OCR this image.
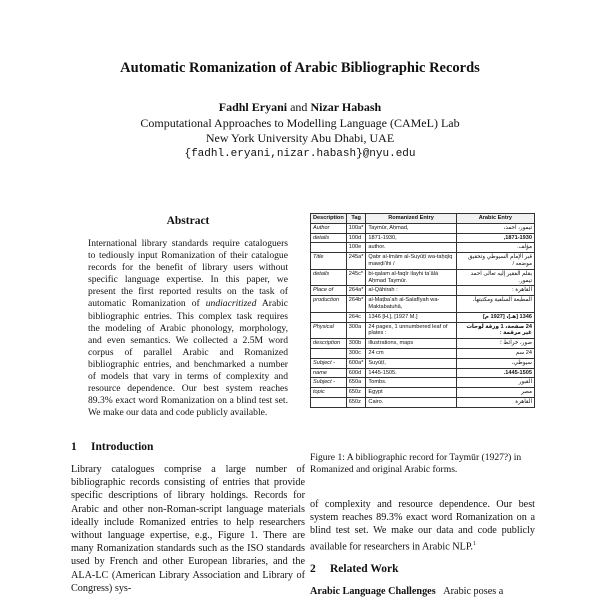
Automatic Romanization of Arabic Bibliographic Records
Fadhl Eryani and Nizar Habash
Computational Approaches to Modelling Language (CAMeL) Lab
New York University Abu Dhabi, UAE
{fadhl.eryani,nizar.habash}@nyu.edu
Abstract
International library standards require cataloguers to tediously input Romanization of their catalogue records for the benefit of library users without specific language expertise. In this paper, we present the first reported results on the task of automatic Romanization of undiacritized Arabic bibliographic entries. This complex task requires the modeling of Arabic phonology, morphology, and even semantics. We collected a 2.5M word corpus of parallel Arabic and Romanized bibliographic entries, and benchmarked a number of models that vary in terms of complexity and resource dependence. Our best system reaches 89.3% exact word Romanization on a blind test set. We make our data and code publicly available.
1 Introduction
Library catalogues comprise a large number of bibliographic records consisting of entries that provide specific descriptions of library holdings. Records for Arabic and other non-Roman-script language materials ideally include Romanized entries to help researchers without language expertise, e.g., Figure 1. There are many Romanization standards such as the ISO standards used by French and other European libraries, and the ALA-LC (American Library Association and Library of Congress) sys-
Description	Tag	Romanized Entry	Arabic Entry
Author	100a*	Taymūr, Aḥmad,	تيمور، احمد،
details	100d	1871-1930,	1871-1930,
	100e	author.	مؤلف.
Title	245a*	Qabr al-Imām al-Suyūṭī wa-taḥqīq mawḍiʻihi /	قبر الإمام السيوطي وتحقيق موضعه /
details	245c*	bi-qalam al-faqīr ilayhi taʻālá Aḥmad Taymūr.	بقلم الفقير إليه تعالى احمد تيمور.
Place of	264a*	al-Qāhirah :	القاهرة :
production	264b*	al-Maṭbaʻah al-Salafīyah wa-Maktabatuhā,	المطبعة السلفية ومكتبتها،
	264c	1346 [H.], [1927 M.]	1346 [هـ]، [1927 م]
Physical	300a	24 pages, 1 unnumbered leaf of plates :	24 صفحة، 1 ورقة لوحات غير مرقمة :
description	300b	illustrations, maps	صور، خرائط ؛
	300c	24 cm	24 سم
Subject -	600a*	Suyūṭī,	سيوطي،
name	600d	1445-1505.	1445-1505.
Subject -	650a	Tombs.	القبور
topic	650z	Egypt	مصر
	650z	Cairo.	القاهرة
Figure 1: A bibliographic record for Taymūr (1927?) in Romanized and original Arabic forms.
of complexity and resource dependence. Our best system reaches 89.3% exact word Romanization on a blind test set. We make our data and code publicly available for researchers in Arabic NLP.$^1$
2 Related Work
Arabic Language Challenges Arabic poses a
